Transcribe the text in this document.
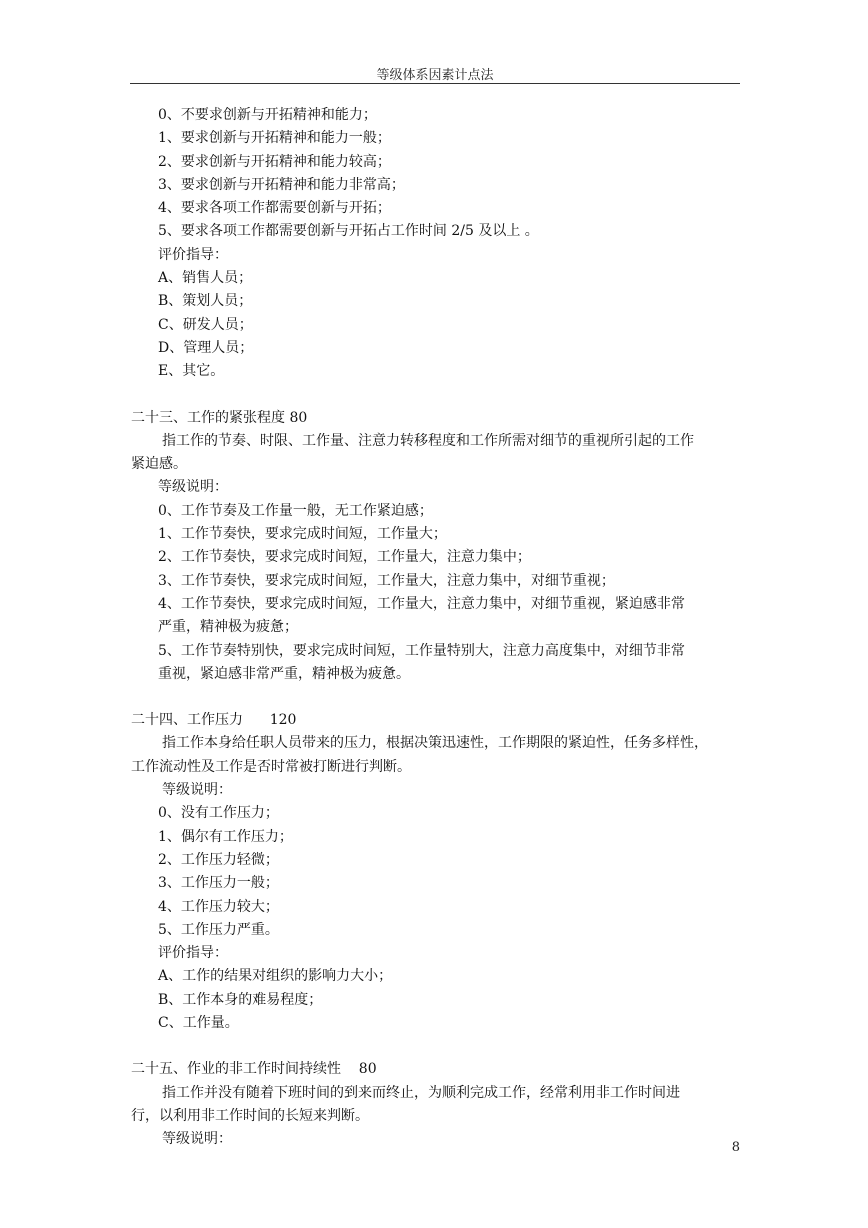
等级体系因素计点法
0、不要求创新与开拓精神和能力；
1、要求创新与开拓精神和能力一般；
2、要求创新与开拓精神和能力较高；
3、要求创新与开拓精神和能力非常高；
4、要求各项工作都需要创新与开拓；
5、要求各项工作都需要创新与开拓占工作时间 2/5 及以上 。
评价指导：
A、销售人员；
B、策划人员；
C、研发人员；
D、管理人员；
E、其它。
二十三、工作的紧张程度 80
指工作的节奏、时限、工作量、注意力转移程度和工作所需对细节的重视所引起的工作
紧迫感。
等级说明：
0、工作节奏及工作量一般，无工作紧迫感；
1、工作节奏快，要求完成时间短，工作量大；
2、工作节奏快，要求完成时间短，工作量大，注意力集中；
3、工作节奏快，要求完成时间短，工作量大，注意力集中，对细节重视；
4、工作节奏快，要求完成时间短，工作量大，注意力集中，对细节重视，紧迫感非常
严重，精神极为疲惫；
5、工作节奏特别快，要求完成时间短，工作量特别大，注意力高度集中，对细节非常
重视，紧迫感非常严重，精神极为疲惫。
二十四、工作压力      120
指工作本身给任职人员带来的压力，根据决策迅速性，工作期限的紧迫性，任务多样性，
工作流动性及工作是否时常被打断进行判断。
等级说明：
0、没有工作压力；
1、偶尔有工作压力；
2、工作压力轻微；
3、工作压力一般；
4、工作压力较大；
5、工作压力严重。
评价指导：
A、工作的结果对组织的影响力大小；
B、工作本身的难易程度；
C、工作量。
二十五、作业的非工作时间持续性    80
指工作并没有随着下班时间的到来而终止，为顺利完成工作，经常利用非工作时间进
行，以利用非工作时间的长短来判断。
等级说明：
8
